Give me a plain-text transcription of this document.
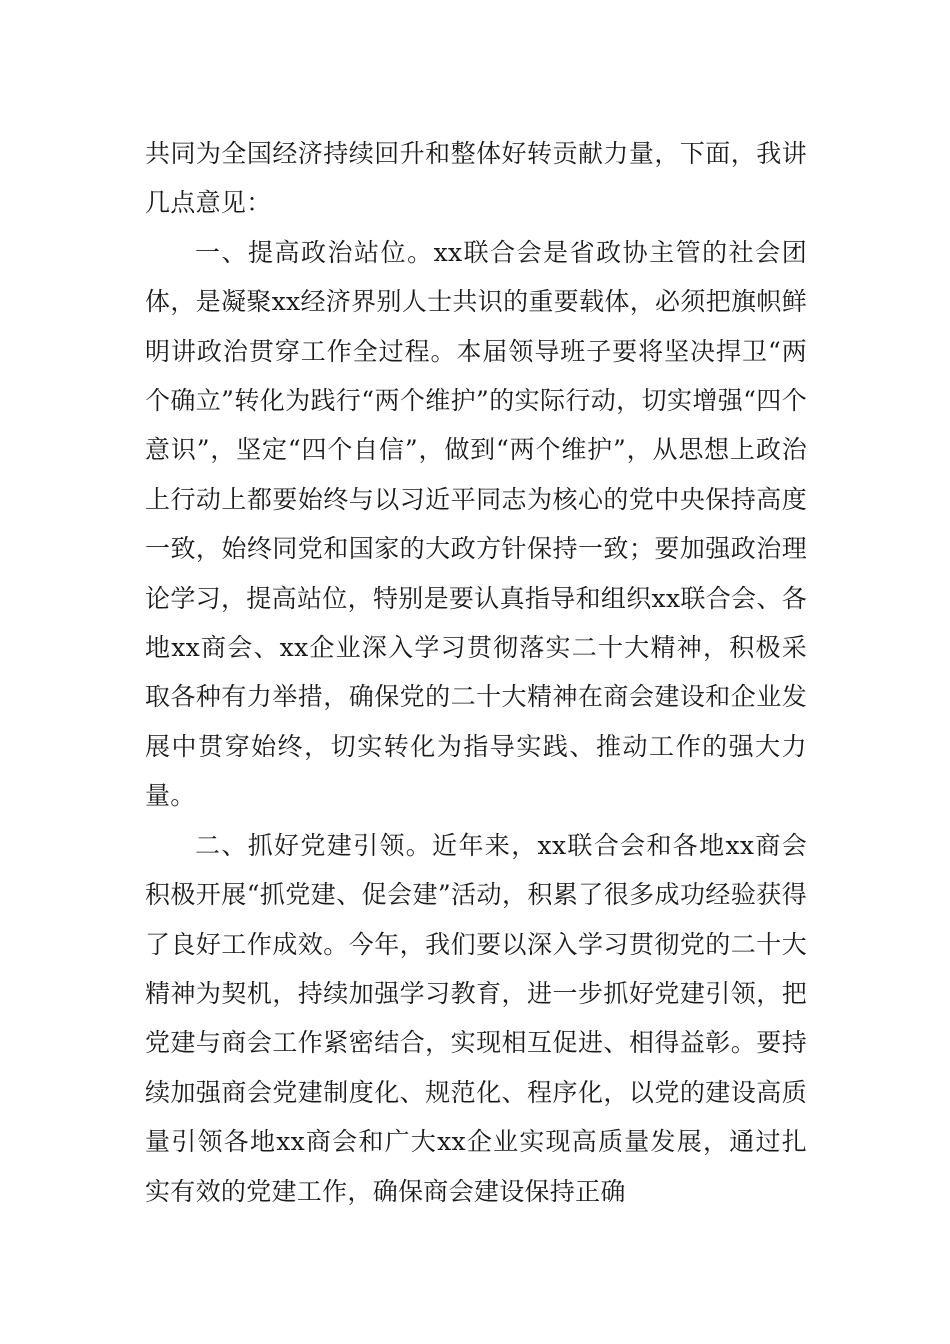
共同为全国经济持续回升和整体好转贡献力量，下面，我讲几点意见：

一、提高政治站位。xx联合会是省政协主管的社会团体，是凝聚xx经济界别人士共识的重要载体，必须把旗帜鲜明讲政治贯穿工作全过程。本届领导班子要将坚决捍卫“两个确立”转化为践行“两个维护”的实际行动，切实增强“四个意识”，坚定“四个自信”，做到“两个维护”，从思想上政治上行动上都要始终与以习近平同志为核心的党中央保持高度一致，始终同党和国家的大政方针保持一致；要加强政治理论学习，提高站位，特别是要认真指导和组织xx联合会、各地xx商会、xx企业深入学习贯彻落实二十大精神，积极采取各种有力举措，确保党的二十大精神在商会建设和企业发展中贯穿始终，切实转化为指导实践、推动工作的强大力量。

二、抓好党建引领。近年来，xx联合会和各地xx商会积极开展“抓党建、促会建”活动，积累了很多成功经验获得了良好工作成效。今年，我们要以深入学习贯彻党的二十大精神为契机，持续加强学习教育，进一步抓好党建引领，把党建与商会工作紧密结合，实现相互促进、相得益彰。要持续加强商会党建制度化、规范化、程序化，以党的建设高质量引领各地xx商会和广大xx企业实现高质量发展，通过扎实有效的党建工作，确保商会建设保持正确
